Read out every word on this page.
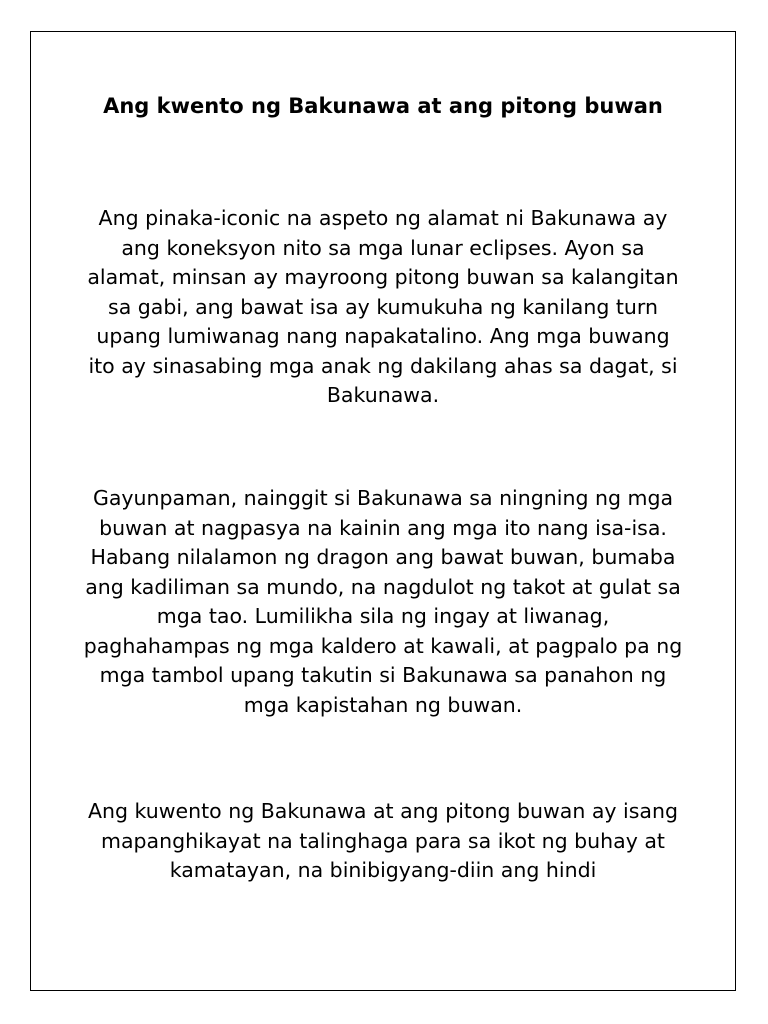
Ang kwento ng Bakunawa at ang pitong buwan

Ang pinaka-iconic na aspeto ng alamat ni Bakunawa ay ang koneksyon nito sa mga lunar eclipses. Ayon sa alamat, minsan ay mayroong pitong buwan sa kalangitan sa gabi, ang bawat isa ay kumukuha ng kanilang turn upang lumiwanag nang napakatalino. Ang mga buwang ito ay sinasabing mga anak ng dakilang ahas sa dagat, si Bakunawa.

Gayunpaman, nainggit si Bakunawa sa ningning ng mga buwan at nagpasya na kainin ang mga ito nang isa-isa. Habang nilalamon ng dragon ang bawat buwan, bumaba ang kadiliman sa mundo, na nagdulot ng takot at gulat sa mga tao. Lumilikha sila ng ingay at liwanag, paghahampas ng mga kaldero at kawali, at pagpalo pa ng mga tambol upang takutin si Bakunawa sa panahon ng mga kapistahan ng buwan.

Ang kuwento ng Bakunawa at ang pitong buwan ay isang mapanghikayat na talinghaga para sa ikot ng buhay at kamatayan, na binibigyang-diin ang hindi
